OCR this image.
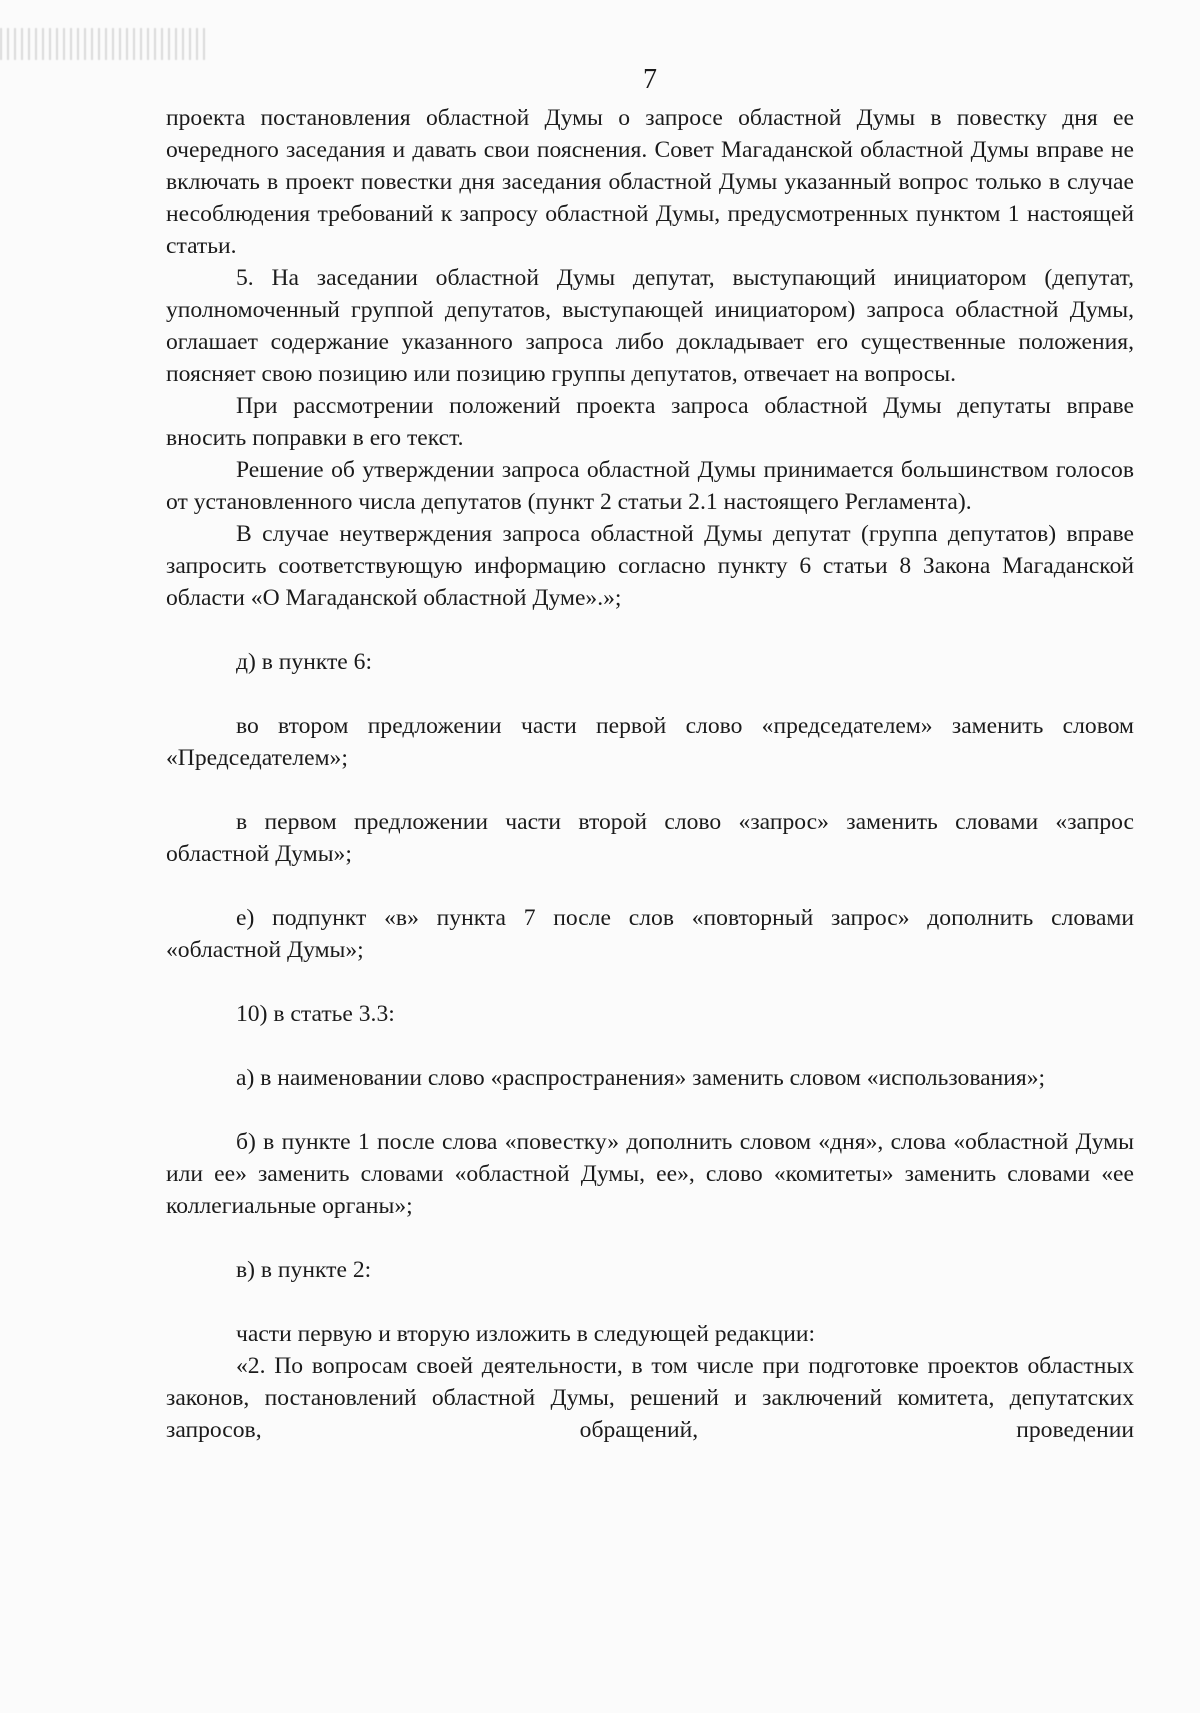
7

проекта постановления областной Думы о запросе областной Думы в повестку дня ее очередного заседания и давать свои пояснения. Совет Магаданской областной Думы вправе не включать в проект повестки дня заседания областной Думы указанный вопрос только в случае несоблюдения требований к запросу областной Думы, предусмотренных пунктом 1 настоящей статьи.

5. На заседании областной Думы депутат, выступающий инициатором (депутат, уполномоченный группой депутатов, выступающей инициатором) запроса областной Думы, оглашает содержание указанного запроса либо докладывает его существенные положения, поясняет свою позицию или позицию группы депутатов, отвечает на вопросы.

При рассмотрении положений проекта запроса областной Думы депутаты вправе вносить поправки в его текст.

Решение об утверждении запроса областной Думы принимается большинством голосов от установленного числа депутатов (пункт 2 статьи 2.1 настоящего Регламента).

В случае неутверждения запроса областной Думы депутат (группа депутатов) вправе запросить соответствующую информацию согласно пункту 6 статьи 8 Закона Магаданской области «О Магаданской областной Думе».»;

д) в пункте 6:

во втором предложении части первой слово «председателем» заменить словом «Председателем»;

в первом предложении части второй слово «запрос» заменить словами «запрос областной Думы»;

е) подпункт «в» пункта 7 после слов «повторный запрос» дополнить словами «областной Думы»;

10) в статье 3.3:

а) в наименовании слово «распространения» заменить словом «использования»;

б) в пункте 1 после слова «повестку» дополнить словом «дня», слова «областной Думы или ее» заменить словами «областной Думы, ее», слово «комитеты» заменить словами «ее коллегиальные органы»;

в) в пункте 2:

части первую и вторую изложить в следующей редакции:

«2. По вопросам своей деятельности, в том числе при подготовке проектов областных законов, постановлений областной Думы, решений и заключений комитета, депутатских запросов, обращений, проведении
